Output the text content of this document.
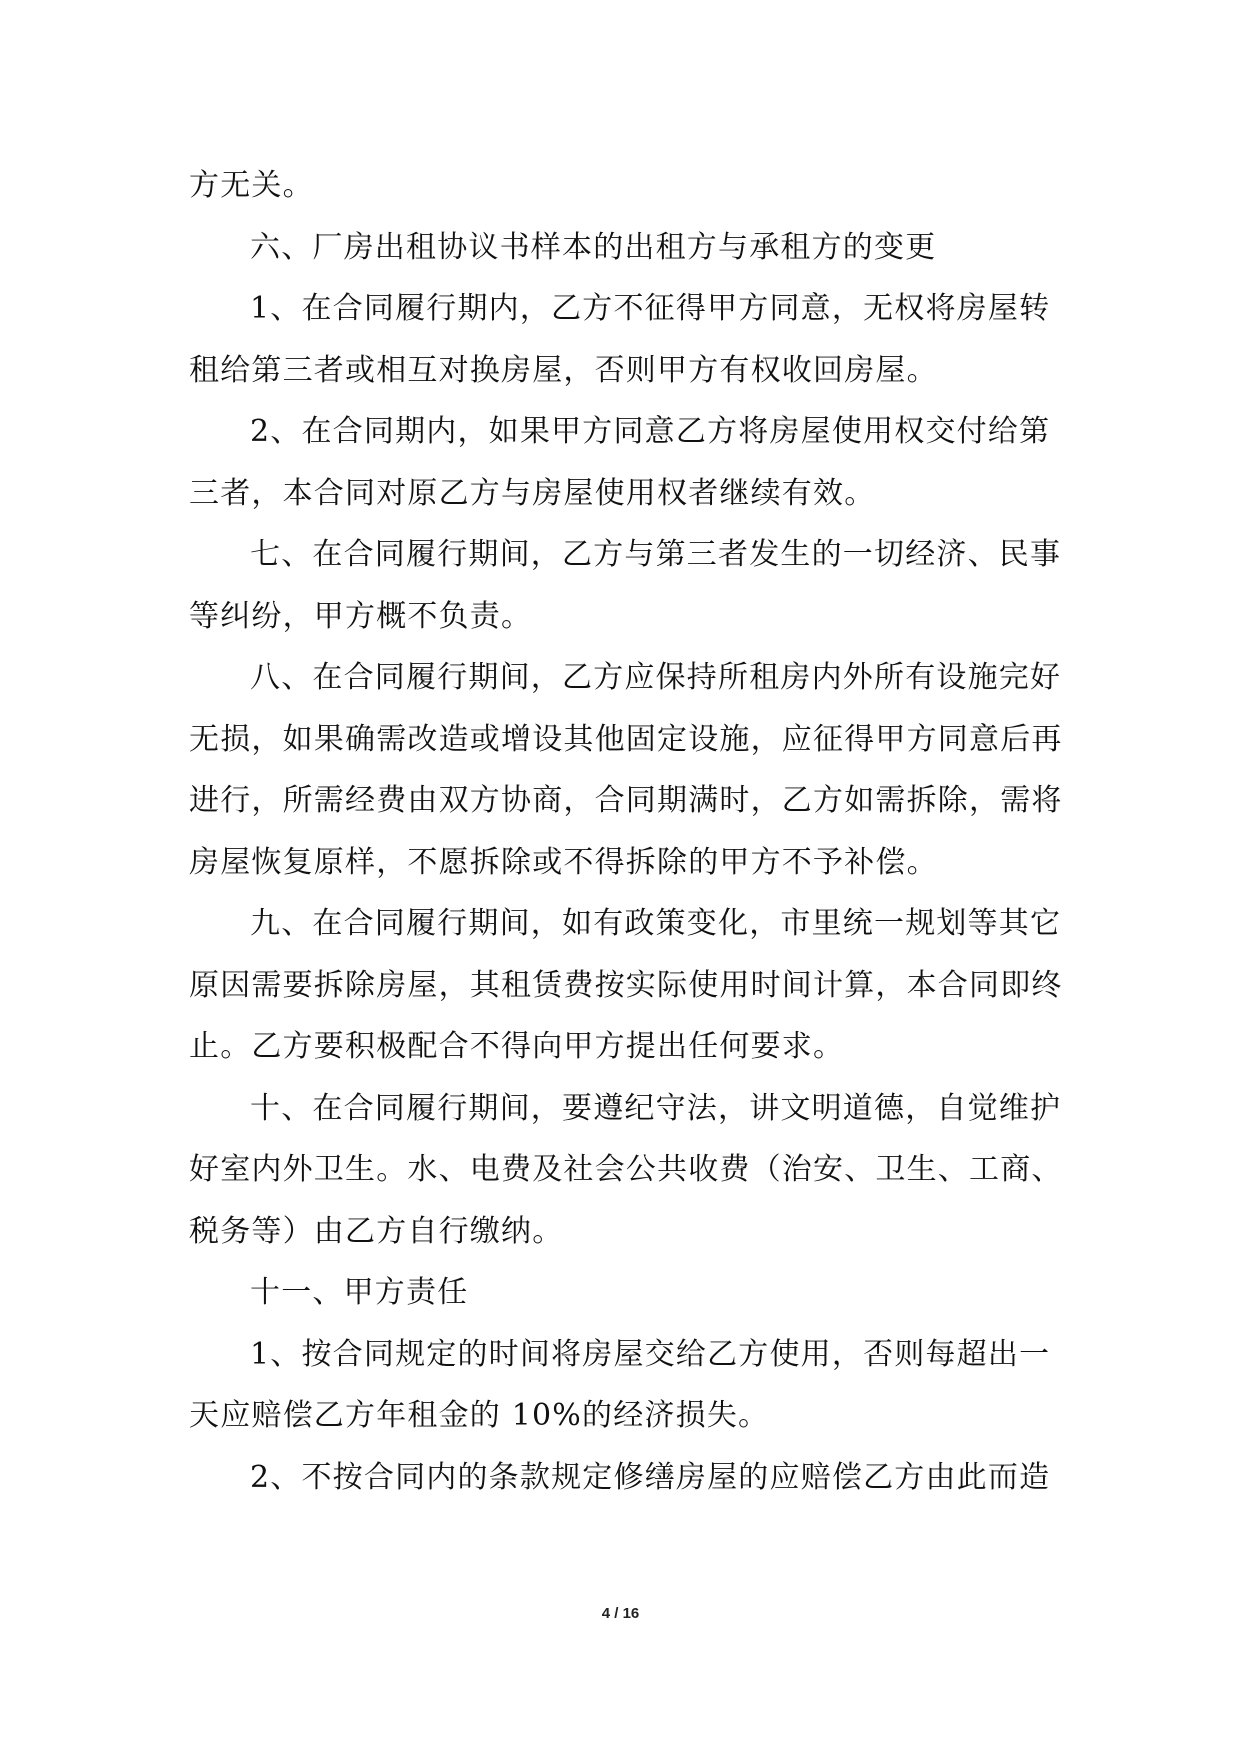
方无关。
六、厂房出租协议书样本的出租方与承租方的变更
1、在合同履行期内，乙方不征得甲方同意，无权将房屋转
租给第三者或相互对换房屋，否则甲方有权收回房屋。
2、在合同期内，如果甲方同意乙方将房屋使用权交付给第
三者，本合同对原乙方与房屋使用权者继续有效。
七、在合同履行期间，乙方与第三者发生的一切经济、民事
等纠纷，甲方概不负责。
八、在合同履行期间，乙方应保持所租房内外所有设施完好
无损，如果确需改造或增设其他固定设施，应征得甲方同意后再
进行，所需经费由双方协商，合同期满时，乙方如需拆除，需将
房屋恢复原样，不愿拆除或不得拆除的甲方不予补偿。
九、在合同履行期间，如有政策变化，市里统一规划等其它
原因需要拆除房屋，其租赁费按实际使用时间计算，本合同即终
止。乙方要积极配合不得向甲方提出任何要求。
十、在合同履行期间，要遵纪守法，讲文明道德，自觉维护
好室内外卫生。水、电费及社会公共收费（治安、卫生、工商、
税务等）由乙方自行缴纳。
十一、甲方责任
1、按合同规定的时间将房屋交给乙方使用，否则每超出一
天应赔偿乙方年租金的 10%的经济损失。
2、不按合同内的条款规定修缮房屋的应赔偿乙方由此而造
4 / 16
